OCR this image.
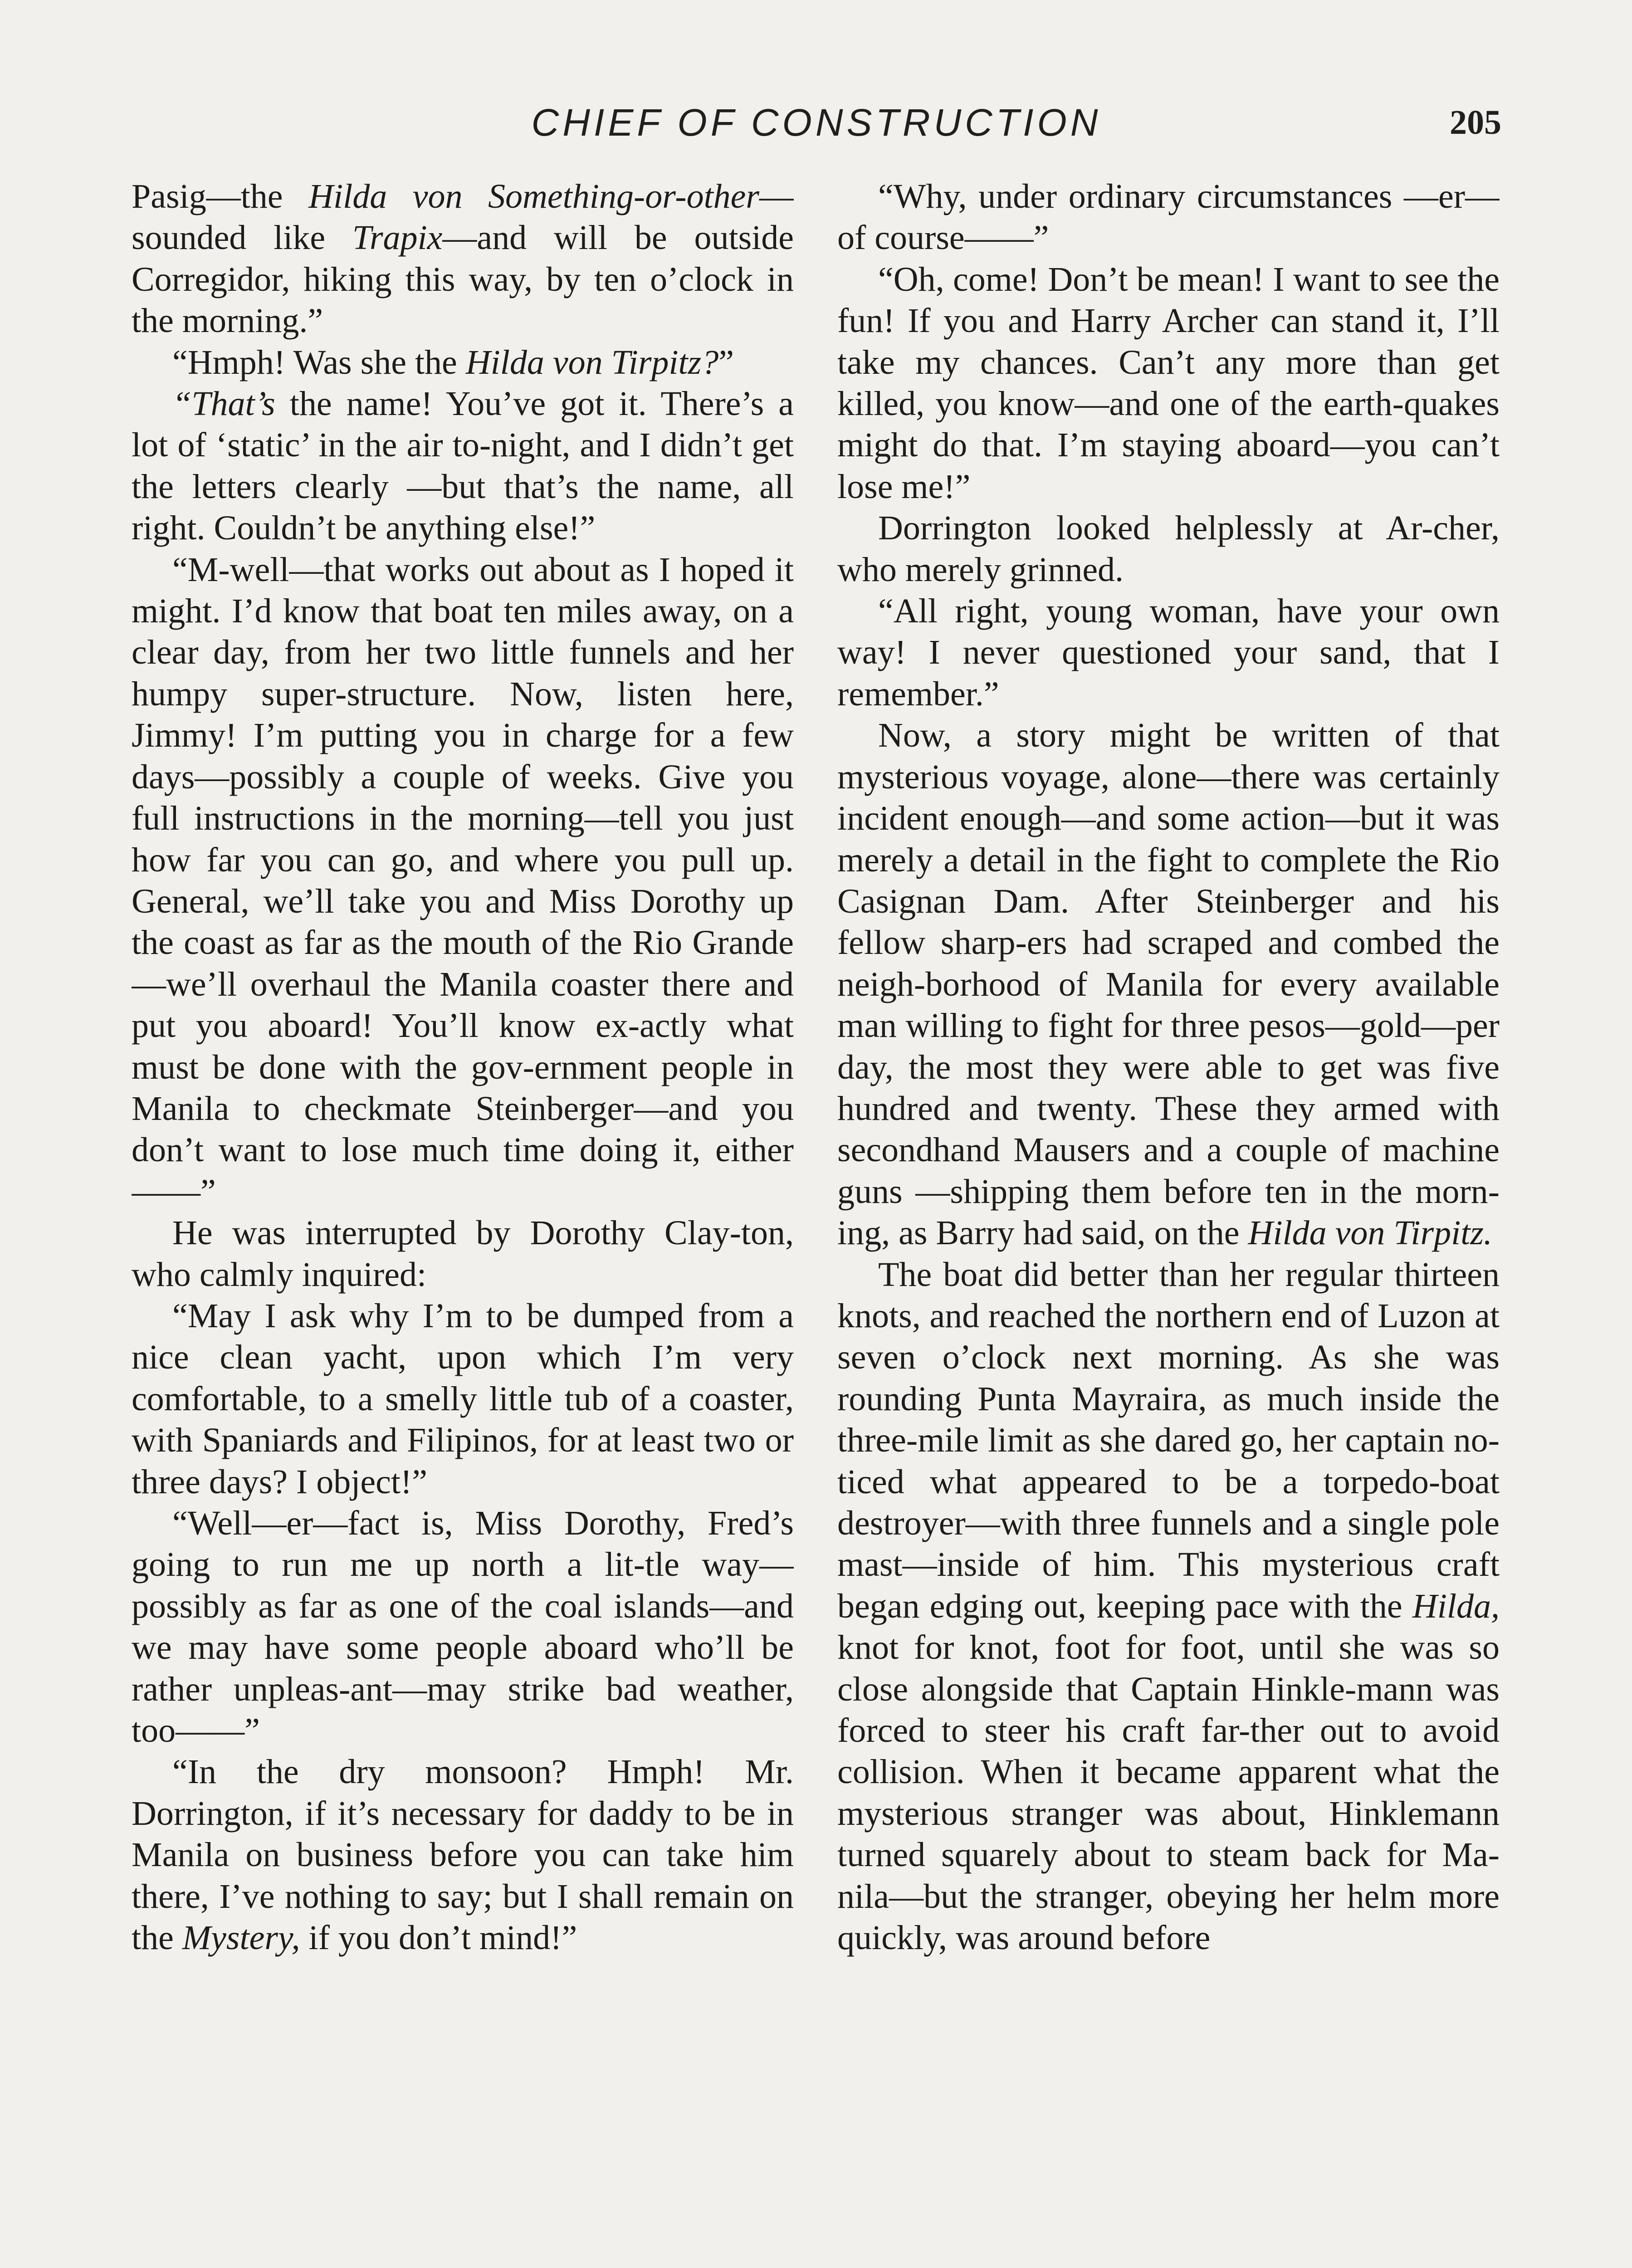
CHIEF OF CONSTRUCTION	205

Pasig—the Hilda von Something-or-other—sounded like Trapix—and will be outside Corregidor, hiking this way, by ten o’clock in the morning.”

“Hmph! Was she the Hilda von Tirpitz?”

“That’s the name! You’ve got it. There’s a lot of ‘static’ in the air to-night, and I didn’t get the letters clearly —but that’s the name, all right. Couldn’t be anything else!”

“M-well—that works out about as I hoped it might. I’d know that boat ten miles away, on a clear day, from her two little funnels and her humpy super-structure. Now, listen here, Jimmy! I’m putting you in charge for a few days—possibly a couple of weeks. Give you full instructions in the morning—tell you just how far you can go, and where you pull up. General, we’ll take you and Miss Dorothy up the coast as far as the mouth of the Rio Grande—we’ll overhaul the Manila coaster there and put you aboard! You’ll know ex-actly what must be done with the gov-ernment people in Manila to checkmate Steinberger—and you don’t want to lose much time doing it, either——”

He was interrupted by Dorothy Clay-ton, who calmly inquired:

“May I ask why I’m to be dumped from a nice clean yacht, upon which I’m very comfortable, to a smelly little tub of a coaster, with Spaniards and Filipinos, for at least two or three days? I object!”

“Well—er—fact is, Miss Dorothy, Fred’s going to run me up north a lit-tle way—possibly as far as one of the coal islands—and we may have some people aboard who’ll be rather unpleas-ant—may strike bad weather, too——”

“In the dry monsoon? Hmph! Mr. Dorrington, if it’s necessary for daddy to be in Manila on business before you can take him there, I’ve nothing to say; but I shall remain on the Mystery, if you don’t mind!”

“Why, under ordinary circumstances —er—of course——”

“Oh, come! Don’t be mean! I want to see the fun! If you and Harry Archer can stand it, I’ll take my chances. Can’t any more than get killed, you know—and one of the earth-quakes might do that. I’m staying aboard—you can’t lose me!”

Dorrington looked helplessly at Ar-cher, who merely grinned.

“All right, young woman, have your own way! I never questioned your sand, that I remember.”

Now, a story might be written of that mysterious voyage, alone—there was certainly incident enough—and some action—but it was merely a detail in the fight to complete the Rio Casignan Dam. After Steinberger and his fellow sharp-ers had scraped and combed the neigh-borhood of Manila for every available man willing to fight for three pesos—gold—per day, the most they were able to get was five hundred and twenty. These they armed with secondhand Mausers and a couple of machine guns —shipping them before ten in the morn-ing, as Barry had said, on the Hilda von Tirpitz.

The boat did better than her regular thirteen knots, and reached the northern end of Luzon at seven o’clock next morning. As she was rounding Punta Mayraira, as much inside the three-mile limit as she dared go, her captain no-ticed what appeared to be a torpedo-boat destroyer—with three funnels and a single pole mast—inside of him. This mysterious craft began edging out, keeping pace with the Hilda, knot for knot, foot for foot, until she was so close alongside that Captain Hinkle-mann was forced to steer his craft far-ther out to avoid collision. When it became apparent what the mysterious stranger was about, Hinklemann turned squarely about to steam back for Ma-nila—but the stranger, obeying her helm more quickly, was around before
